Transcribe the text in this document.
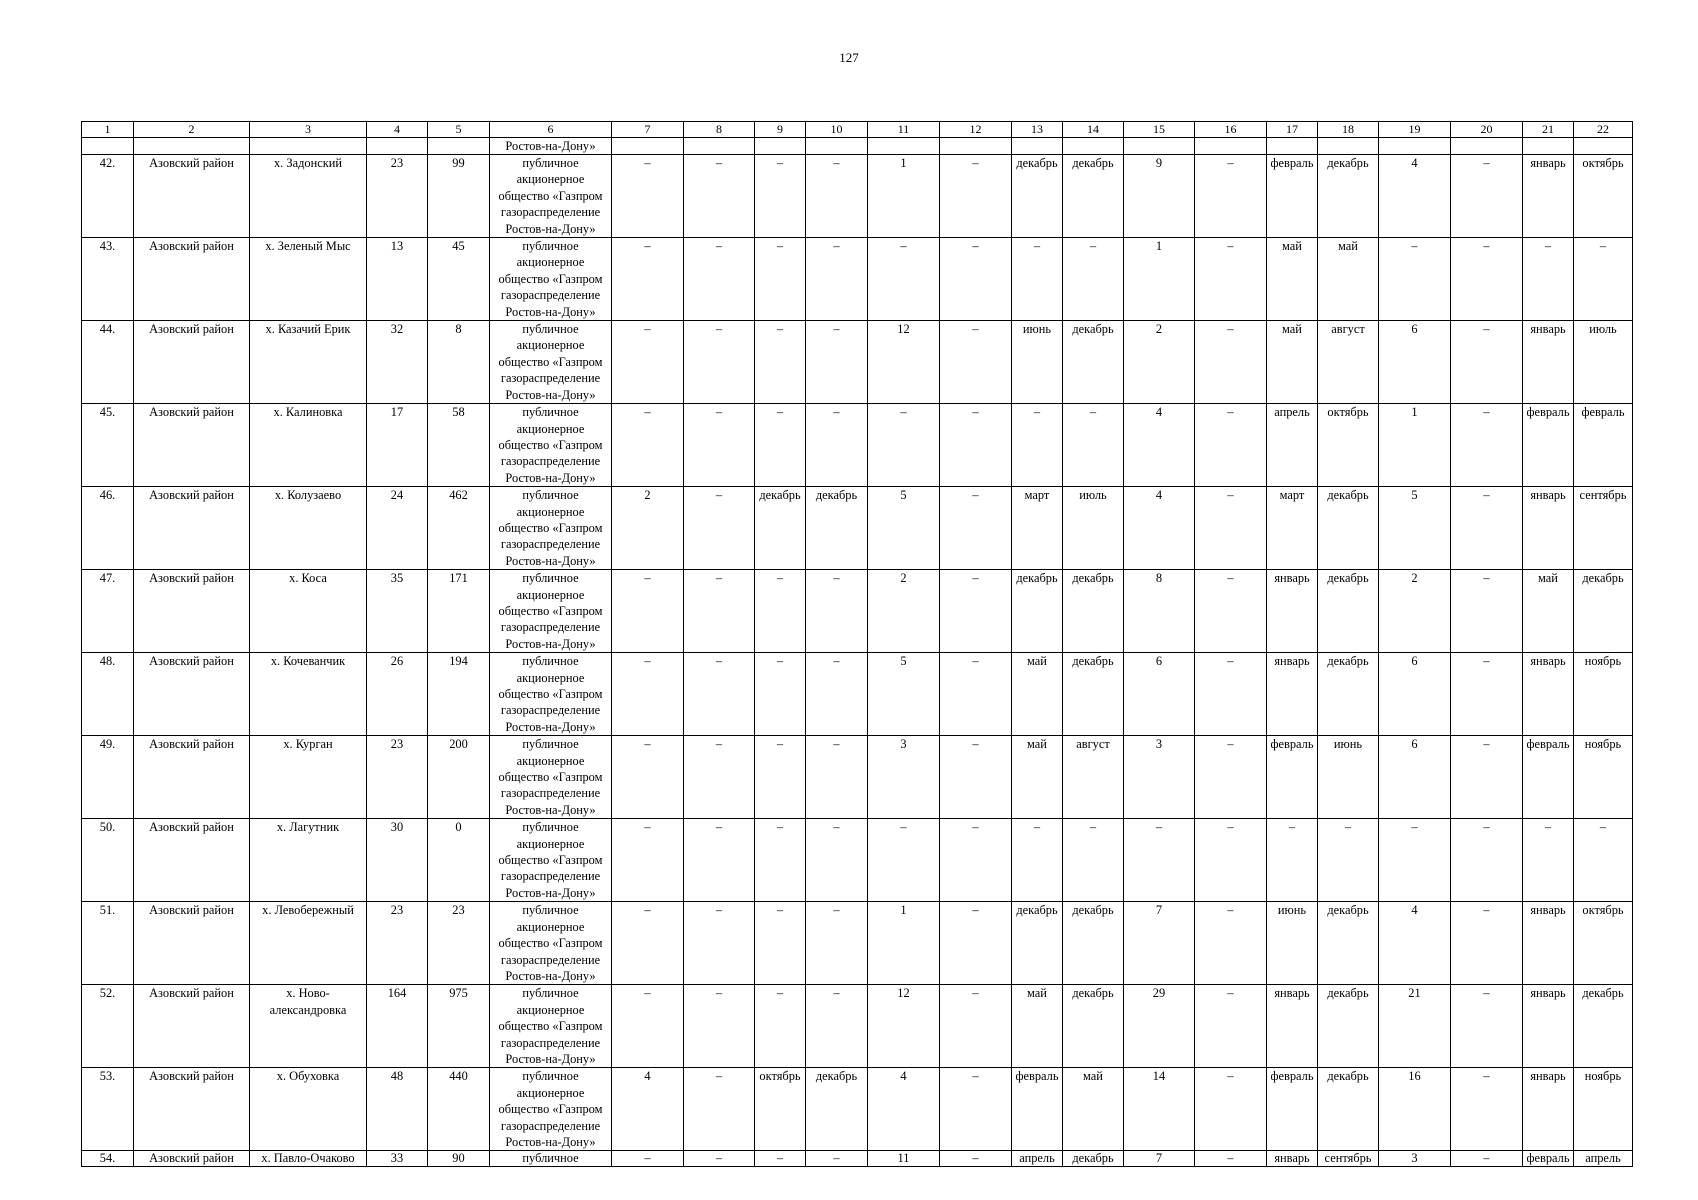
127
1	2	3	4	5	6	7	8	9	10	11	12	13	14	15	16	17	18	19	20	21	22
					Ростов-на-Дону»																
42.	Азовский район	х. Задонский	23	99	публичное акционерное общество «Газпром газораспределение Ростов-на-Дону»	–	–	–	–	1	–	декабрь	декабрь	9	–	февраль	декабрь	4	–	январь	октябрь
43.	Азовский район	х. Зеленый Мыс	13	45	публичное акционерное общество «Газпром газораспределение Ростов-на-Дону»	–	–	–	–	–	–	–	–	1	–	май	май	–	–	–	–
44.	Азовский район	х. Казачий Ерик	32	8	публичное акционерное общество «Газпром газораспределение Ростов-на-Дону»	–	–	–	–	12	–	июнь	декабрь	2	–	май	август	6	–	январь	июль
45.	Азовский район	х. Калиновка	17	58	публичное акционерное общество «Газпром газораспределение Ростов-на-Дону»	–	–	–	–	–	–	–	–	4	–	апрель	октябрь	1	–	февраль	февраль
46.	Азовский район	х. Колузаево	24	462	публичное акционерное общество «Газпром газораспределение Ростов-на-Дону»	2	–	декабрь	декабрь	5	–	март	июль	4	–	март	декабрь	5	–	январь	сентябрь
47.	Азовский район	х. Коса	35	171	публичное акционерное общество «Газпром газораспределение Ростов-на-Дону»	–	–	–	–	2	–	декабрь	декабрь	8	–	январь	декабрь	2	–	май	декабрь
48.	Азовский район	х. Кочеванчик	26	194	публичное акционерное общество «Газпром газораспределение Ростов-на-Дону»	–	–	–	–	5	–	май	декабрь	6	–	январь	декабрь	6	–	январь	ноябрь
49.	Азовский район	х. Курган	23	200	публичное акционерное общество «Газпром газораспределение Ростов-на-Дону»	–	–	–	–	3	–	май	август	3	–	февраль	июнь	6	–	февраль	ноябрь
50.	Азовский район	х. Лагутник	30	0	публичное акционерное общество «Газпром газораспределение Ростов-на-Дону»	–	–	–	–	–	–	–	–	–	–	–	–	–	–	–	–
51.	Азовский район	х. Левобережный	23	23	публичное акционерное общество «Газпром газораспределение Ростов-на-Дону»	–	–	–	–	1	–	декабрь	декабрь	7	–	июнь	декабрь	4	–	январь	октябрь
52.	Азовский район	х. Ново-александровка	164	975	публичное акционерное общество «Газпром газораспределение Ростов-на-Дону»	–	–	–	–	12	–	май	декабрь	29	–	январь	декабрь	21	–	январь	декабрь
53.	Азовский район	х. Обуховка	48	440	публичное акционерное общество «Газпром газораспределение Ростов-на-Дону»	4	–	октябрь	декабрь	4	–	февраль	май	14	–	февраль	декабрь	16	–	январь	ноябрь
54.	Азовский район	х. Павло-Очаково	33	90	публичное	–	–	–	–	11	–	апрель	декабрь	7	–	январь	сентябрь	3	–	февраль	апрель
